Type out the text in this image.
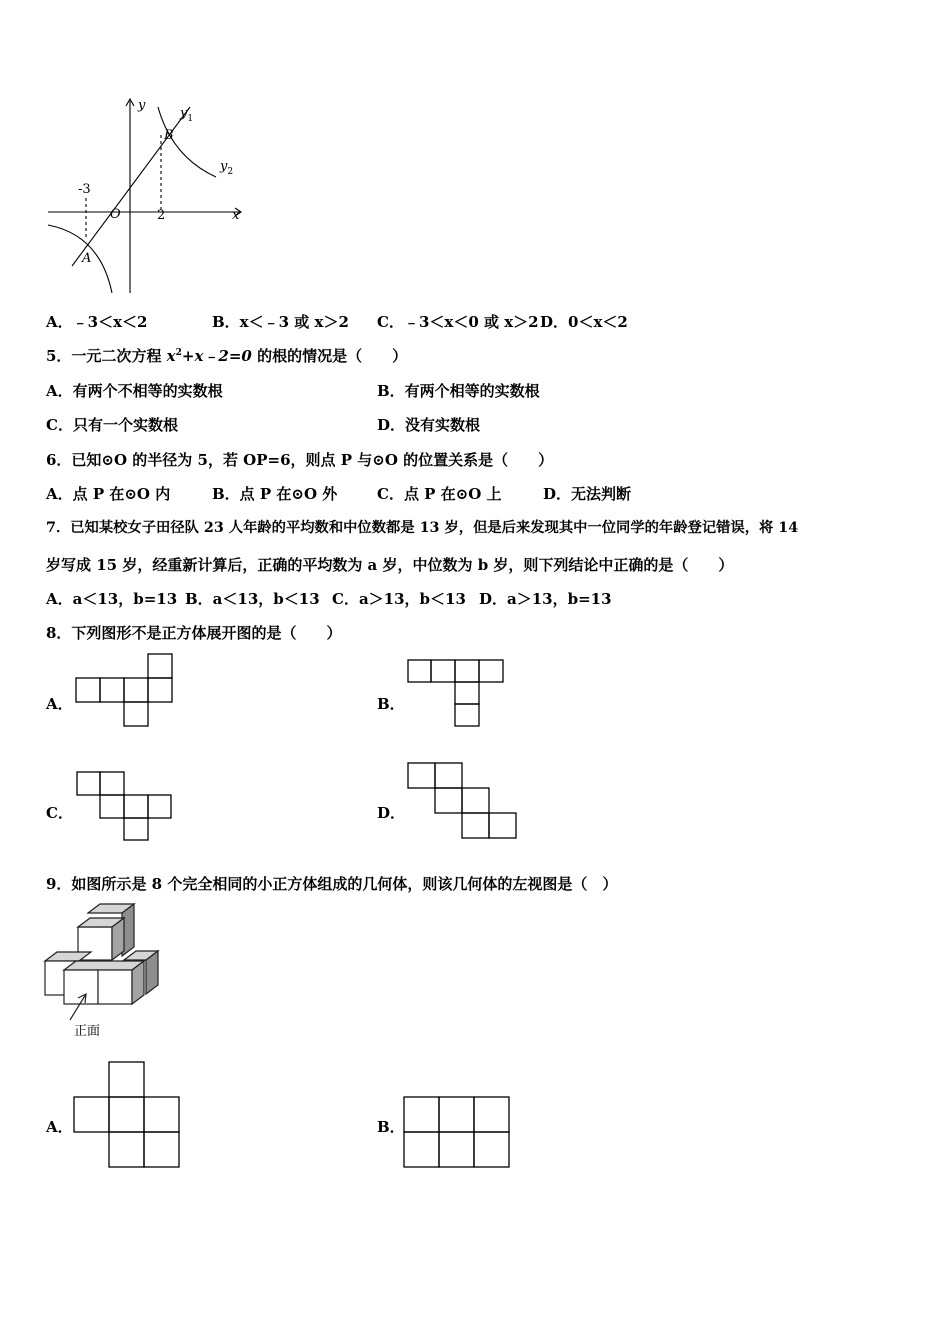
y
x
O
$y_1$
$y_2$
B
A
-3
2
A．﹣3＜x＜2	B．x＜﹣3 或 x＞2 C．﹣3＜x＜0 或 x＞2 D．0＜x＜2
5．一元二次方程 $x^2+x﹣2=0$ 的根的情况是（　　）
A．有两个不相等的实数根	B．有两个相等的实数根
C．只有一个实数根	D．没有实数根
6．已知⊙O 的半径为 5，若 OP=6，则点 P 与⊙O 的位置关系是（　　）
A．点 P 在⊙O 内	B．点 P 在⊙O 外	C．点 P 在⊙O 上	D．无法判断
7．已知某校女子田径队 23 人年龄的平均数和中位数都是 13 岁，但是后来发现其中一位同学的年龄登记错误，将 14
岁写成 15 岁，经重新计算后，正确的平均数为 a 岁，中位数为 b 岁，则下列结论中正确的是（　　）
A．a＜13，b=13 B．a＜13，b＜13 C．a＞13，b＜13 D．a＞13，b=13
8．下列图形不是正方体展开图的是（　　）
A．	B．
C．	D．
9．如图所示是 8 个完全相同的小正方体组成的几何体，则该几何体的左视图是（　）
正面
A．	B．
